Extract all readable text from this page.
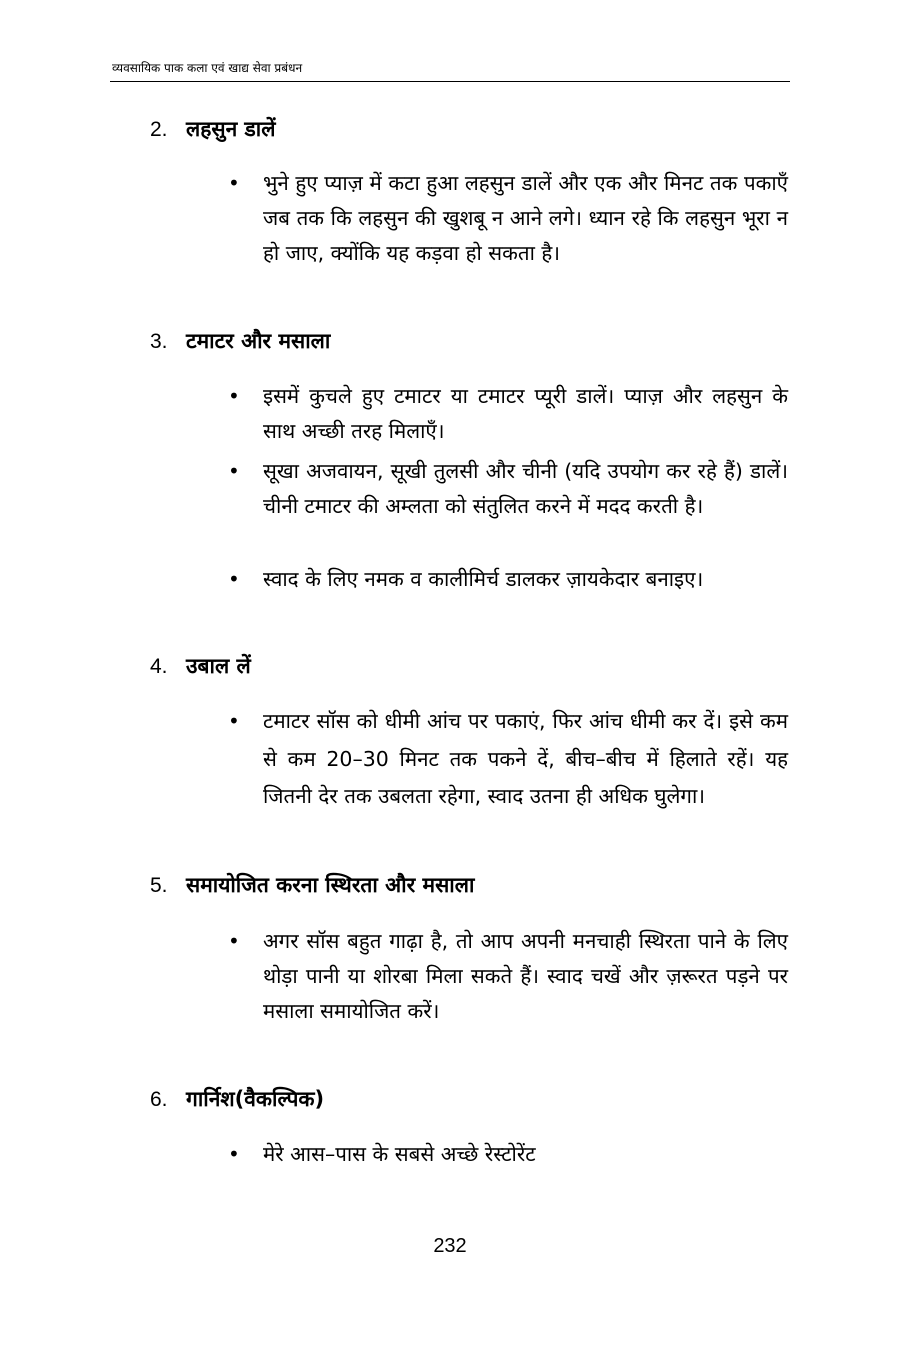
व्यवसायिक पाक कला एवं खाद्य सेवा प्रबंधन
2. लहसुन डालें
• भुने हुए प्याज़ में कटा हुआ लहसुन डालें और एक और मिनट तक पकाएँ जब तक कि लहसुन की खुशबू न आने लगे। ध्यान रहे कि लहसुन भूरा न हो जाए, क्योंकि यह कड़वा हो सकता है।
3. टमाटर और मसाला
• इसमें कुचले हुए टमाटर या टमाटर प्यूरी डालें। प्याज़ और लहसुन के साथ अच्छी तरह मिलाएँ।
• सूखा अजवायन, सूखी तुलसी और चीनी (यदि उपयोग कर रहे हैं) डालें। चीनी टमाटर की अम्लता को संतुलित करने में मदद करती है।
• स्वाद के लिए नमक व कालीमिर्च डालकर ज़ायकेदार बनाइए।
4. उबाल लें
• टमाटर सॉस को धीमी आंच पर पकाएं, फिर आंच धीमी कर दें। इसे कम से कम 20–30 मिनट तक पकने दें, बीच–बीच में हिलाते रहें। यह जितनी देर तक उबलता रहेगा, स्वाद उतना ही अधिक घुलेगा।
5. समायोजित करना स्थिरता और मसाला
• अगर सॉस बहुत गाढ़ा है, तो आप अपनी मनचाही स्थिरता पाने के लिए थोड़ा पानी या शोरबा मिला सकते हैं। स्वाद चखें और ज़रूरत पड़ने पर मसाला समायोजित करें।
6. गार्निश(वैकल्पिक)
• मेरे आस–पास के सबसे अच्छे रेस्टोरेंट
232
